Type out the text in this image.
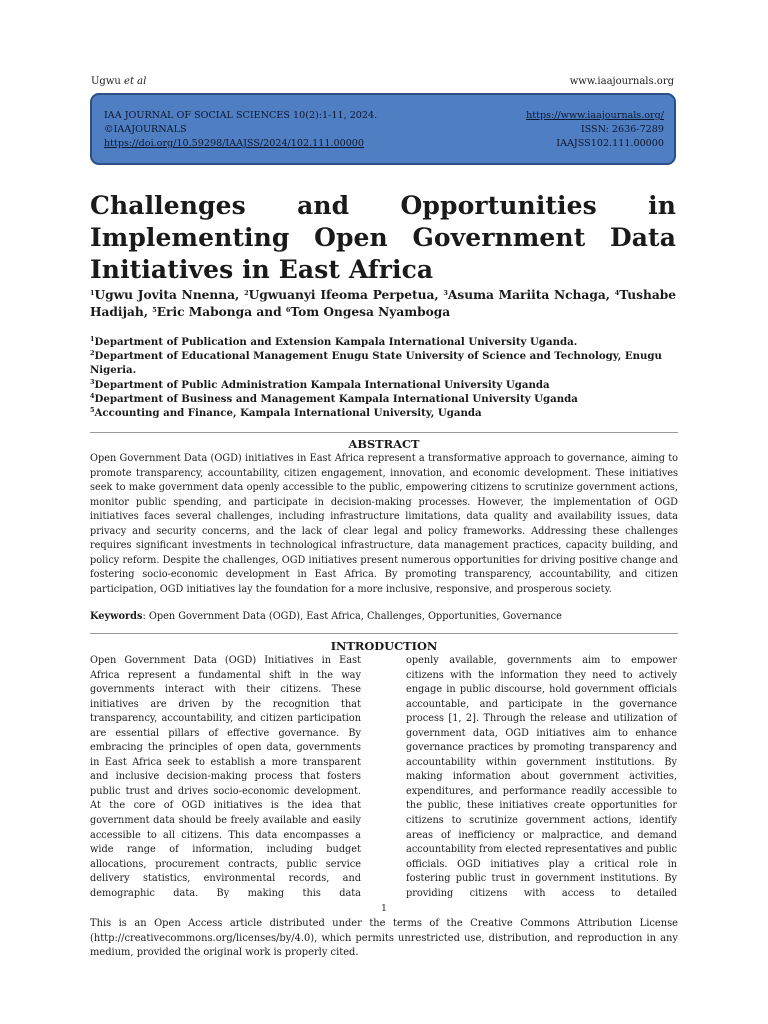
Ugwu et al	www.iaajournals.org
IAA JOURNAL OF SOCIAL SCIENCES 10(2):1-11, 2024.
©IAAJOURNALS
https://doi.org/10.59298/IAAJSS/2024/102.111.00000
https://www.iaajournals.org/
ISSN: 2636-7289
IAAJSS102.111.00000
Challenges and Opportunities in Implementing Open Government Data Initiatives in East Africa
$^1$Ugwu Jovita Nnenna, $^2$Ugwuanyi Ifeoma Perpetua, $^3$Asuma Mariita Nchaga, $^4$Tushabe Hadijah, $^5$Eric Mabonga and $^6$Tom Ongesa Nyamboga
$^1$Department of Publication and Extension Kampala International University Uganda.
$^2$Department of Educational Management Enugu State University of Science and Technology, Enugu Nigeria.
$^3$Department of Public Administration Kampala International University Uganda
$^4$Department of Business and Management Kampala International University Uganda
$^5$Accounting and Finance, Kampala International University, Uganda
ABSTRACT
Open Government Data (OGD) initiatives in East Africa represent a transformative approach to governance, aiming to promote transparency, accountability, citizen engagement, innovation, and economic development. These initiatives seek to make government data openly accessible to the public, empowering citizens to scrutinize government actions, monitor public spending, and participate in decision-making processes. However, the implementation of OGD initiatives faces several challenges, including infrastructure limitations, data quality and availability issues, data privacy and security concerns, and the lack of clear legal and policy frameworks. Addressing these challenges requires significant investments in technological infrastructure, data management practices, capacity building, and policy reform. Despite the challenges, OGD initiatives present numerous opportunities for driving positive change and fostering socio-economic development in East Africa. By promoting transparency, accountability, and citizen participation, OGD initiatives lay the foundation for a more inclusive, responsive, and prosperous society.
Keywords: Open Government Data (OGD), East Africa, Challenges, Opportunities, Governance
INTRODUCTION
Open Government Data (OGD) Initiatives in East Africa represent a fundamental shift in the way governments interact with their citizens. These initiatives are driven by the recognition that transparency, accountability, and citizen participation are essential pillars of effective governance. By embracing the principles of open data, governments in East Africa seek to establish a more transparent and inclusive decision-making process that fosters public trust and drives socio-economic development. At the core of OGD initiatives is the idea that government data should be freely available and easily accessible to all citizens. This data encompasses a wide range of information, including budget allocations, procurement contracts, public service delivery statistics, environmental records, and demographic data. By making this data
openly available, governments aim to empower citizens with the information they need to actively engage in public discourse, hold government officials accountable, and participate in the governance process [1, 2]. Through the release and utilization of government data, OGD initiatives aim to enhance governance practices by promoting transparency and accountability within government institutions. By making information about government activities, expenditures, and performance readily accessible to the public, these initiatives create opportunities for citizens to scrutinize government actions, identify areas of inefficiency or malpractice, and demand accountability from elected representatives and public officials. OGD initiatives play a critical role in fostering public trust in government institutions. By providing citizens with access to detailed
1
This is an Open Access article distributed under the terms of the Creative Commons Attribution License (http://creativecommons.org/licenses/by/4.0), which permits unrestricted use, distribution, and reproduction in any medium, provided the original work is properly cited.
